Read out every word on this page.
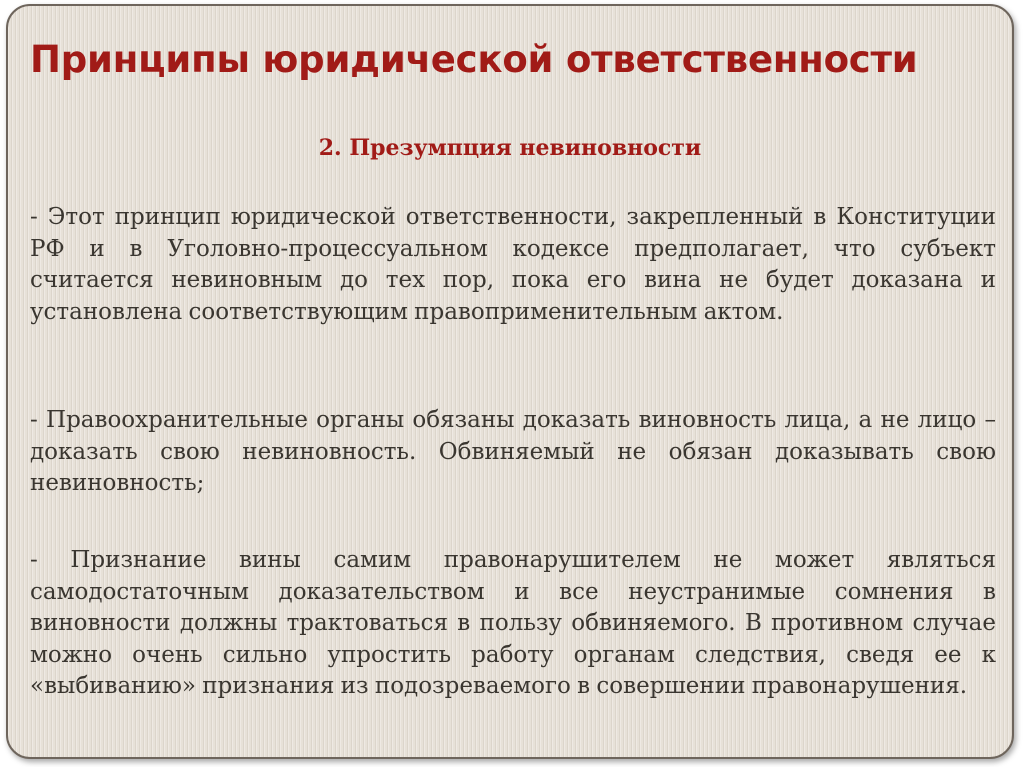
Принципы юридической ответственности
2. Презумпция невиновности

- Этот принцип юридической ответственности, закрепленный в Конституции РФ и в Уголовно-процессуальном кодексе предполагает, что субъект считается невиновным до тех пор, пока его вина не будет доказана и установлена соответствующим правоприменительным актом.

- Правоохранительные органы обязаны доказать виновность лица, а не лицо – доказать свою невиновность. Обвиняемый не обязан доказывать свою невиновность;

- Признание вины самим правонарушителем не может являться самодостаточным доказательством и все неустранимые сомнения в виновности должны трактоваться в пользу обвиняемого. В противном случае можно очень сильно упростить работу органам следствия, сведя ее к «выбиванию» признания из подозреваемого в совершении правонарушения.
